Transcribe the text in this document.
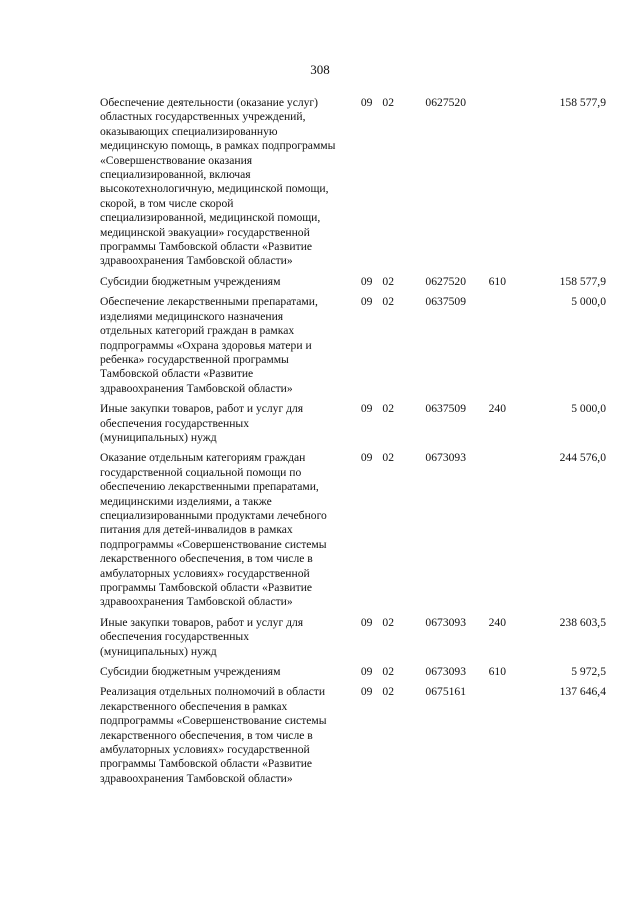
308
Обеспечение деятельности (оказание услуг) областных государственных учреждений, оказывающих специализированную медицинскую помощь, в рамках подпрограммы «Совершенствование оказания специализированной, включая высокотехнологичную, медицинской помощи, скорой, в том числе скорой специализированной, медицинской помощи, медицинской эвакуации» государственной программы Тамбовской области «Развитие здравоохранения Тамбовской области»	09 02	0627520		158 577,9
Субсидии бюджетным учреждениям	09 02	0627520	610	158 577,9
Обеспечение лекарственными препаратами, изделиями медицинского назначения отдельных категорий граждан в рамках подпрограммы «Охрана здоровья матери и ребенка» государственной программы Тамбовской области «Развитие здравоохранения Тамбовской области»	09 02	0637509		5 000,0
Иные закупки товаров, работ и услуг для обеспечения государственных (муниципальных) нужд	09 02	0637509	240	5 000,0
Оказание отдельным категориям граждан государственной социальной помощи по обеспечению лекарственными препаратами, медицинскими изделиями, а также специализированными продуктами лечебного питания для детей-инвалидов в рамках подпрограммы «Совершенствование системы лекарственного обеспечения, в том числе в амбулаторных условиях» государственной программы Тамбовской области «Развитие здравоохранения Тамбовской области»	09 02	0673093		244 576,0
Иные закупки товаров, работ и услуг для обеспечения государственных (муниципальных) нужд	09 02	0673093	240	238 603,5
Субсидии бюджетным учреждениям	09 02	0673093	610	5 972,5
Реализация отдельных полномочий в области лекарственного обеспечения в рамках подпрограммы «Совершенствование системы лекарственного обеспечения, в том числе в амбулаторных условиях» государственной программы Тамбовской области «Развитие здравоохранения Тамбовской области»	09 02	0675161		137 646,4
